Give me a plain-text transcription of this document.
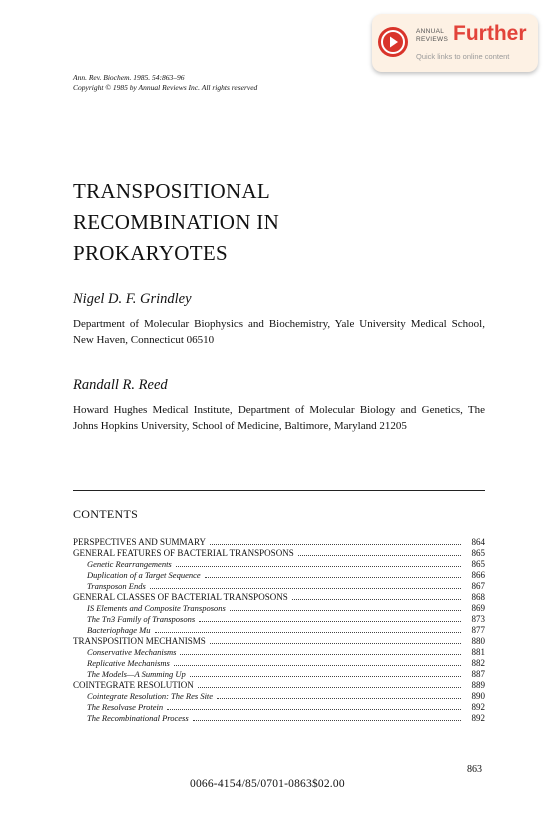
ANNUAL
REVIEWS Further
Quick links to online content
Ann. Rev. Biochem. 1985. 54:863–96
Copyright © 1985 by Annual Reviews Inc. All rights reserved
TRANSPOSITIONAL
RECOMBINATION IN
PROKARYOTES
Nigel D. F. Grindley
Department of Molecular Biophysics and Biochemistry, Yale University Medical School, New Haven, Connecticut 06510
Randall R. Reed
Howard Hughes Medical Institute, Department of Molecular Biology and Genetics, The Johns Hopkins University, School of Medicine, Baltimore, Maryland 21205
CONTENTS
PERSPECTIVES AND SUMMARY	864
GENERAL FEATURES OF BACTERIAL TRANSPOSONS	865
Genetic Rearrangements	865
Duplication of a Target Sequence	866
Transposon Ends	867
GENERAL CLASSES OF BACTERIAL TRANSPOSONS	868
IS Elements and Composite Transposons	869
The Tn3 Family of Transposons	873
Bacteriophage Mu	877
TRANSPOSITION MECHANISMS	880
Conservative Mechanisms	881
Replicative Mechanisms	882
The Models—A Summing Up	887
COINTEGRATE RESOLUTION	889
Cointegrate Resolution: The Res Site	890
The Resolvase Protein	892
The Recombinational Process	892
863
0066-4154/85/0701-0863$02.00
